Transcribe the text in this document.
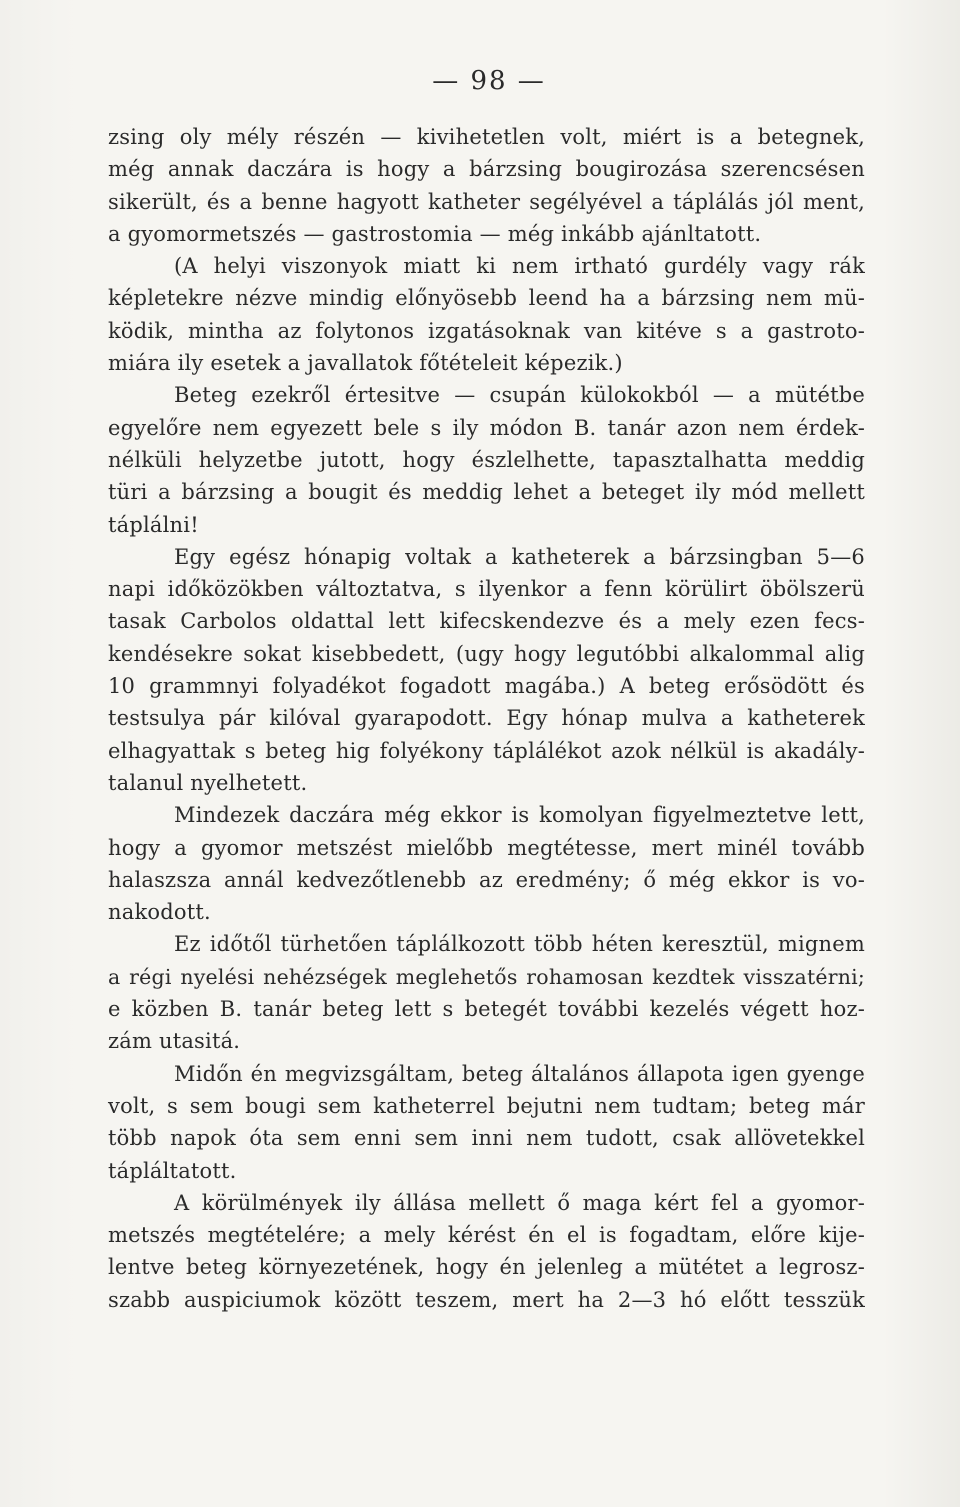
— 98 —
zsing oly mély részén — kivihetetlen volt, miért is a betegnek,
még annak daczára is hogy a bárzsing bougirozása szerencsésen
sikerült, és a benne hagyott katheter segélyével a táplálás jól ment,
a gyomormetszés — gastrostomia — még inkább ajánltatott.
(A helyi viszonyok miatt ki nem irtható gurdély vagy rák
képletekre nézve mindig előnyösebb leend ha a bárzsing nem mü-
ködik, mintha az folytonos izgatásoknak van kitéve s a gastroto-
miára ily esetek a javallatok főtételeit képezik.)
Beteg ezekről értesitve — csupán külokokból — a mütétbe
egyelőre nem egyezett bele s ily módon B. tanár azon nem érdek-
nélküli helyzetbe jutott, hogy észlelhette, tapasztalhatta meddig
türi a bárzsing a bougit és meddig lehet a beteget ily mód mellett
táplálni!
Egy egész hónapig voltak a katheterek a bárzsingban 5—6
napi időközökben változtatva, s ilyenkor a fenn körülirt öbölszerü
tasak Carbolos oldattal lett kifecskendezve és a mely ezen fecs-
kendésekre sokat kisebbedett, (ugy hogy legutóbbi alkalommal alig
10 grammnyi folyadékot fogadott magába.) A beteg erősödött és
testsulya pár kilóval gyarapodott. Egy hónap mulva a katheterek
elhagyattak s beteg hig folyékony táplálékot azok nélkül is akadály-
talanul nyelhetett.
Mindezek daczára még ekkor is komolyan figyelmeztetve lett,
hogy a gyomor metszést mielőbb megtétesse, mert minél tovább
halaszsza annál kedvezőtlenebb az eredmény; ő még ekkor is vo-
nakodott.
Ez időtől türhetően táplálkozott több héten keresztül, mignem
a régi nyelési nehézségek meglehetős rohamosan kezdtek visszatérni;
e közben B. tanár beteg lett s betegét további kezelés végett hoz-
zám utasitá.
Midőn én megvizsgáltam, beteg általános állapota igen gyenge
volt, s sem bougi sem katheterrel bejutni nem tudtam; beteg már
több napok óta sem enni sem inni nem tudott, csak allövetekkel
tápláltatott.
A körülmények ily állása mellett ő maga kért fel a gyomor-
metszés megtételére; a mely kérést én el is fogadtam, előre kije-
lentve beteg környezetének, hogy én jelenleg a mütétet a legrosz-
szabb auspiciumok között teszem, mert ha 2—3 hó előtt tesszük
